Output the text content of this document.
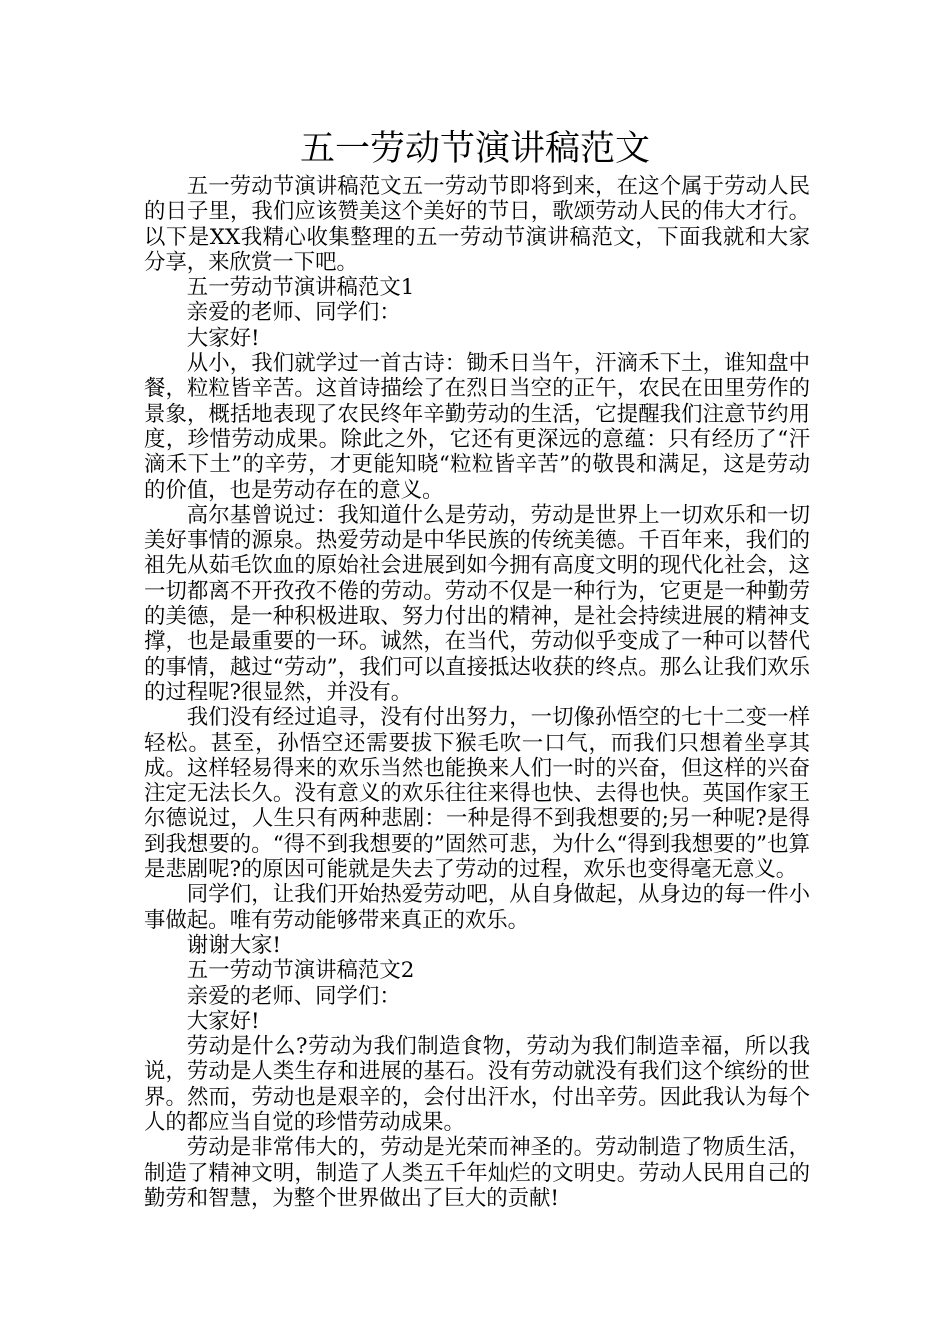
五一劳动节演讲稿范文

五一劳动节演讲稿范文五一劳动节即将到来，在这个属于劳动人民的日子里，我们应该赞美这个美好的节日，歌颂劳动人民的伟大才行。以下是XX我精心收集整理的五一劳动节演讲稿范文，下面我就和大家分享，来欣赏一下吧。

五一劳动节演讲稿范文1

亲爱的老师、同学们：

大家好!

从小，我们就学过一首古诗：锄禾日当午，汗滴禾下土，谁知盘中餐，粒粒皆辛苦。这首诗描绘了在烈日当空的正午，农民在田里劳作的景象，概括地表现了农民终年辛勤劳动的生活，它提醒我们注意节约用度，珍惜劳动成果。除此之外，它还有更深远的意蕴：只有经历了“汗滴禾下土”的辛劳，才更能知晓“粒粒皆辛苦”的敬畏和满足，这是劳动的价值，也是劳动存在的意义。

高尔基曾说过：我知道什么是劳动，劳动是世界上一切欢乐和一切美好事情的源泉。热爱劳动是中华民族的传统美德。千百年来，我们的祖先从茹毛饮血的原始社会进展到如今拥有高度文明的现代化社会，这一切都离不开孜孜不倦的劳动。劳动不仅是一种行为，它更是一种勤劳的美德，是一种积极进取、努力付出的精神，是社会持续进展的精神支撑，也是最重要的一环。诚然，在当代，劳动似乎变成了一种可以替代的事情，越过“劳动”，我们可以直接抵达收获的终点。那么让我们欢乐的过程呢?很显然，并没有。

我们没有经过追寻，没有付出努力，一切像孙悟空的七十二变一样轻松。甚至，孙悟空还需要拔下猴毛吹一口气，而我们只想着坐享其成。这样轻易得来的欢乐当然也能换来人们一时的兴奋，但这样的兴奋注定无法长久。没有意义的欢乐往往来得也快、去得也快。英国作家王尔德说过，人生只有两种悲剧：一种是得不到我想要的;另一种呢?是得到我想要的。“得不到我想要的”固然可悲，为什么“得到我想要的”也算是悲剧呢?的原因可能就是失去了劳动的过程，欢乐也变得毫无意义。

同学们，让我们开始热爱劳动吧，从自身做起，从身边的每一件小事做起。唯有劳动能够带来真正的欢乐。

谢谢大家!

五一劳动节演讲稿范文2

亲爱的老师、同学们：

大家好!

劳动是什么?劳动为我们制造食物，劳动为我们制造幸福，所以我说，劳动是人类生存和进展的基石。没有劳动就没有我们这个缤纷的世界。然而，劳动也是艰辛的，会付出汗水，付出辛劳。因此我认为每个人的都应当自觉的珍惜劳动成果。

劳动是非常伟大的，劳动是光荣而神圣的。劳动制造了物质生活，制造了精神文明，制造了人类五千年灿烂的文明史。劳动人民用自己的勤劳和智慧，为整个世界做出了巨大的贡献!
